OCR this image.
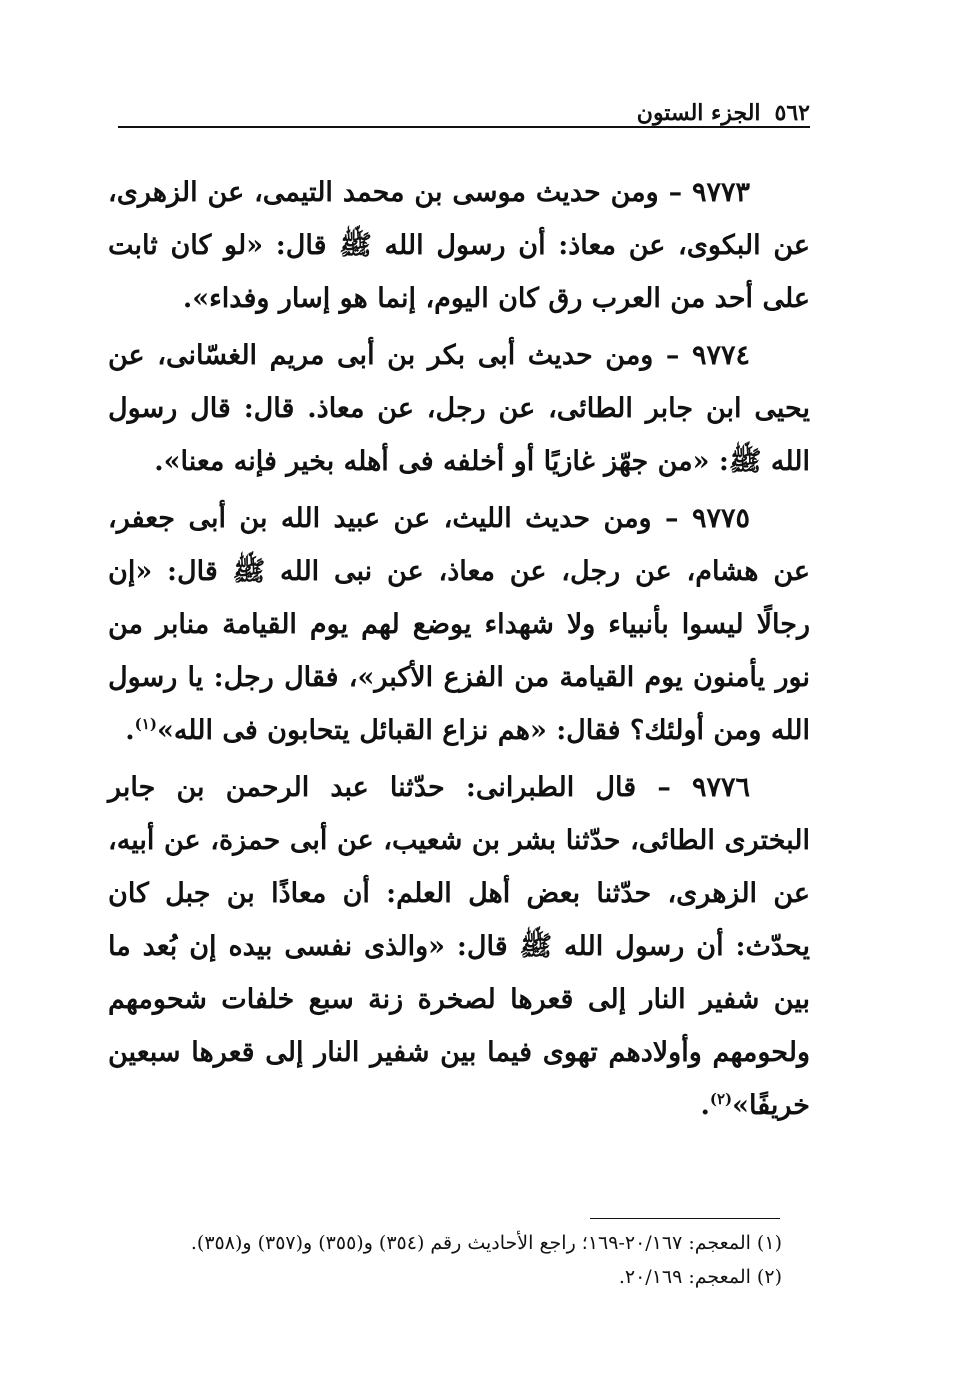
٥٦٢
الجزء الستون

٩٧٧٣ – ومن حديث موسى بن محمد التيمى، عن الزهرى، عن البكوى، عن معاذ: أن رسول الله ﷺ قال: «لو كان ثابت على أحد من العرب رق كان اليوم، إنما هو إسار وفداء».

٩٧٧٤ – ومن حديث أبى بكر بن أبى مريم الغسّانى، عن يحيى ابن جابر الطائى، عن رجل، عن معاذ. قال: قال رسول الله ﷺ: «من جهّز غازيًا أو أخلفه فى أهله بخير فإنه معنا».

٩٧٧٥ – ومن حديث الليث، عن عبيد الله بن أبى جعفر، عن هشام، عن رجل، عن معاذ، عن نبى الله ﷺ قال: «إن رجالًا ليسوا بأنبياء ولا شهداء يوضع لهم يوم القيامة منابر من نور يأمنون يوم القيامة من الفزع الأكبر»، فقال رجل: يا رسول الله ومن أولئك؟ فقال: «هم نزاع القبائل يتحابون فى الله»$^{(١)}$.

٩٧٧٦ – قال الطبرانى: حدّثنا عبد الرحمن بن جابر البخترى الطائى، حدّثنا بشر بن شعيب، عن أبى حمزة، عن أبيه، عن الزهرى، حدّثنا بعض أهل العلم: أن معاذًا بن جبل كان يحدّث: أن رسول الله ﷺ قال: «والذى نفسى بيده إن بُعد ما بين شفير النار إلى قعرها لصخرة زنة سبع خلفات شحومهم ولحومهم وأولادهم تهوى فيما بين شفير النار إلى قعرها سبعين خريفًا»$^{(٢)}$.

(١) المعجم: ٢٠/١٦٧-١٦٩؛ راجع الأحاديث رقم (٣٥٤) و(٣٥٥) و(٣٥٧) و(٣٥٨).

(٢) المعجم: ٢٠/١٦٩.
